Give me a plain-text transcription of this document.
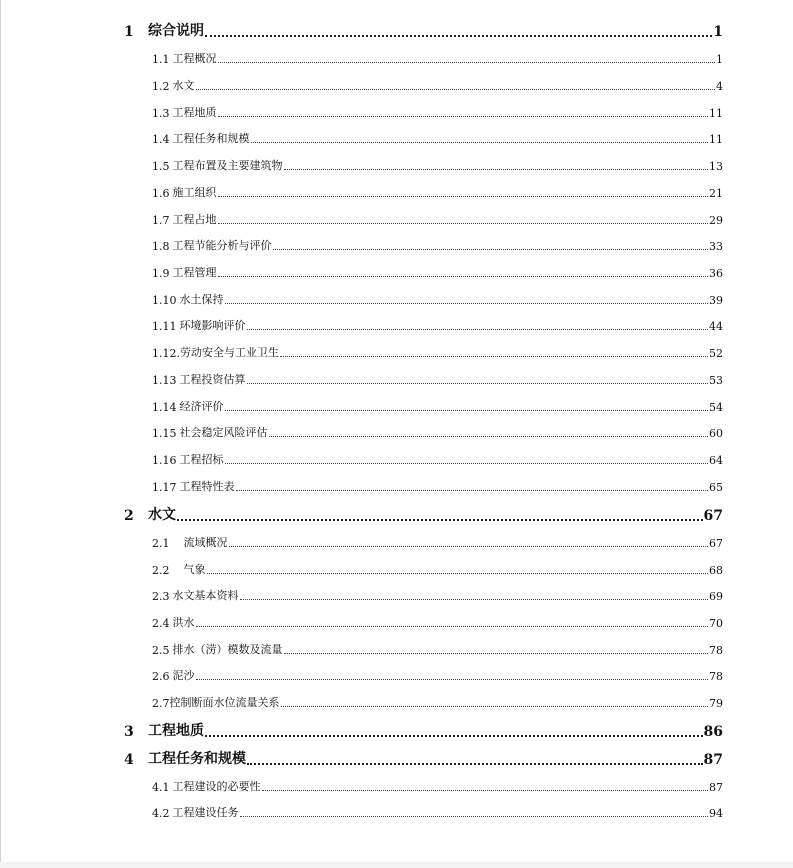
1	综合说明	1
1.1 工程概况	1
1.2 水文	4
1.3 工程地质	11
1.4 工程任务和规模	11
1.5 工程布置及主要建筑物	13
1.6 施工组织	21
1.7 工程占地	29
1.8 工程节能分析与评价	33
1.9 工程管理	36
1.10 水土保持	39
1.11 环境影响评价	44
1.12. 劳动安全与工业卫生	52
1.13 工程投资估算	53
1.14 经济评价	54
1.15 社会稳定风险评估	60
1.16 工程招标	64
1.17 工程特性表	65
2	水文	67
2.1	流域概况	67
2.2	气象	68
2.3 水文基本资料	69
2.4 洪水	70
2.5 排水（涝）模数及流量	78
2.6 泥沙	78
2.7 控制断面水位流量关系	79
3	工程地质	86
4	工程任务和规模	87
4.1 工程建设的必要性	87
4.2 工程建设任务	94
